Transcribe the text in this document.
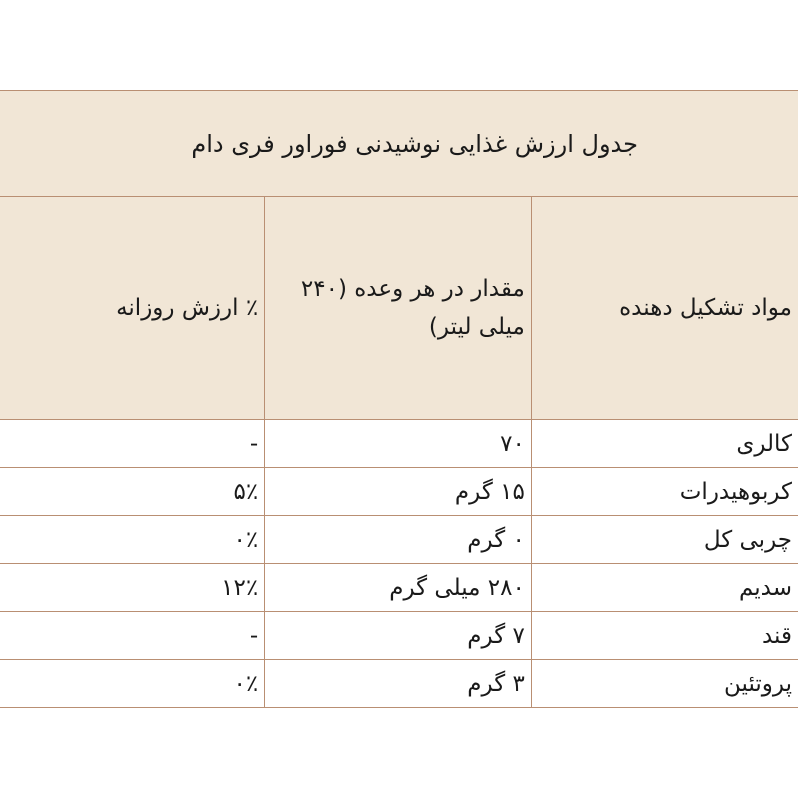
جدول ارزش غذایی نوشیدنی فوراور فری دام		
مواد تشکیل دهنده	مقدار در هر وعده (۲۴۰ میلی لیتر)	٪ ارزش روزانه
کالری	۷۰	-
کربوهیدرات	۱۵ گرم	۵٪
چربی کل	۰ گرم	۰٪
سدیم	۲۸۰ میلی گرم	۱۲٪
قند	۷ گرم	-
پروتئین	۳ گرم	۰٪
